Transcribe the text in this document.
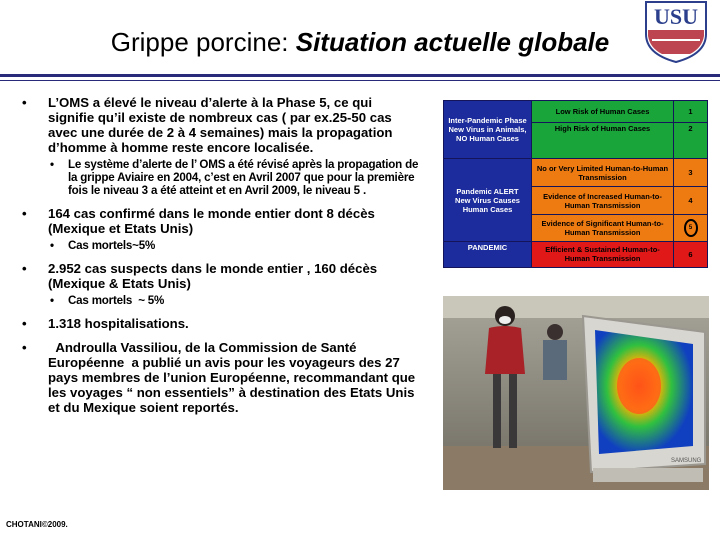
Grippe porcine: Situation actuelle globale
USU
• L’OMS a élevé le niveau d’alerte à la Phase 5, ce qui signifie qu’il existe de nombreux cas ( par ex.25-50 cas avec une durée de 2 à 4 semaines) mais la propagation d’homme à homme reste encore localisée.
• Le système d’alerte de l’ OMS a été révisé après la propagation de la grippe Aviaire en 2004, c’est en Avril 2007 que pour la première fois le niveau 3 a été atteint et en Avril 2009, le niveau 5 .
• 164 cas confirmé dans le monde entier dont 8 décès (Mexique et Etats Unis)
• Cas mortels~5%
• 2.952 cas suspects dans le monde entier , 160 décès (Mexique & Etats Unis)
• Cas mortels  ~ 5%
• 1.318 hospitalisations.
• Androulla Vassiliou, de la Commission de Santé Européenne  a publié un avis pour les voyageurs des 27 pays membres de l’union Européenne, recommandant que les voyages “ non essentiels” à destination des Etats Unis et du Mexique soient reportés.
CHOTANI©2009.
Inter-Pandemic Phase
New Virus in Animals, NO Human Cases	Low Risk of Human Cases	1
	High Risk of Human Cases	2
Pandemic ALERT
New Virus Causes Human Cases	No or Very Limited Human-to-Human Transmission	3
	Evidence of Increased Human-to-Human Transmission	4
	Evidence of Significant Human-to-Human Transmission	5
PANDEMIC	Efficient & Sustained Human-to-Human Transmission	6
SAMSUNG
